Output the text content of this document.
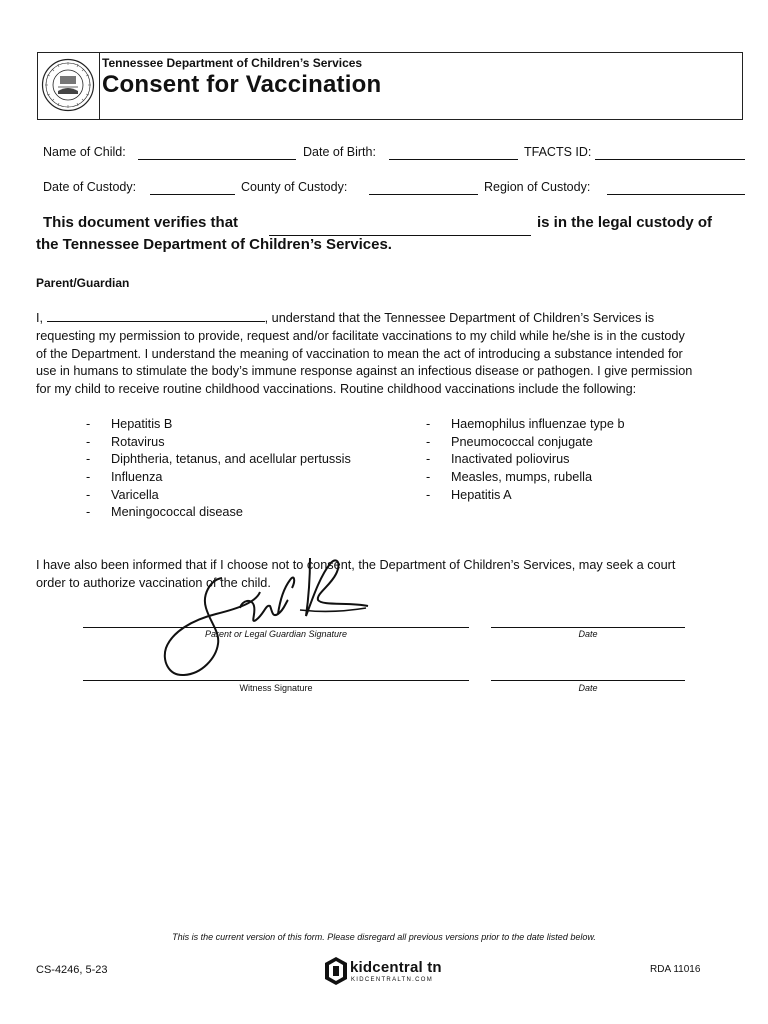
Tennessee Department of Children’s Services
Consent for Vaccination
Name of Child:	Date of Birth:	TFACTS ID:
Date of Custody:	County of Custody:	Region of Custody:
This document verifies that	is in the legal custody of
the Tennessee Department of Children’s Services.
Parent/Guardian
I,	, understand that the Tennessee Department of Children’s Services is
requesting my permission to provide, request and/or facilitate vaccinations to my child while he/she is in the custody
of the Department. I understand the meaning of vaccination to mean the act of introducing a substance intended for
use in humans to stimulate the body’s immune response against an infectious disease or pathogen. I give permission
for my child to receive routine childhood vaccinations. Routine childhood vaccinations include the following:
- Hepatitis B
- Rotavirus
- Diphtheria, tetanus, and acellular pertussis
- Influenza
- Varicella
- Meningococcal disease
- Haemophilus influenzae type b
- Pneumococcal conjugate
- Inactivated poliovirus
- Measles, mumps, rubella
- Hepatitis A
I have also been informed that if I choose not to consent, the Department of Children’s Services, may seek a court
order to authorize vaccination of the child.
Parent or Legal Guardian Signature	Date
Witness Signature	Date
This is the current version of this form. Please disregard all previous versions prior to the date listed below.
CS-4246, 5-23	kidcentral tn
KIDCENTRALTN.COM
RDA 11016
